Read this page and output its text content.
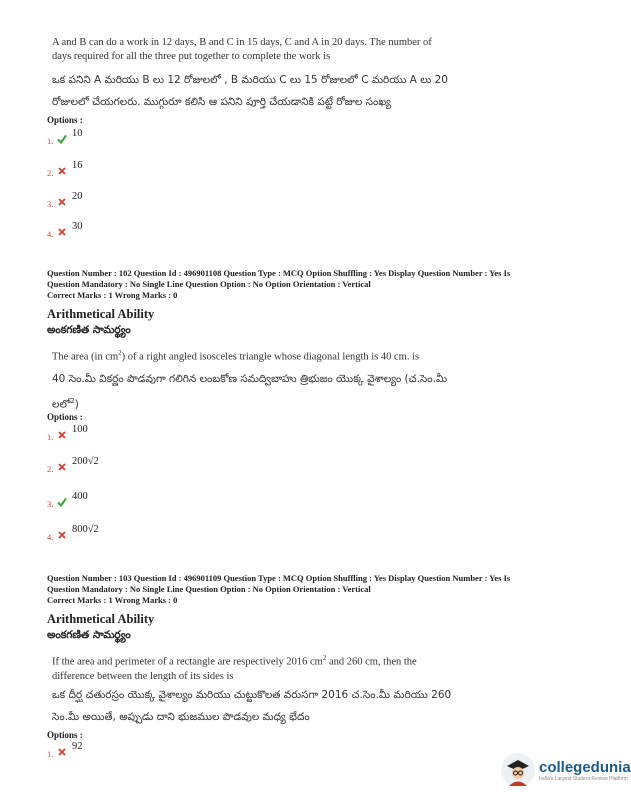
A and B can do a work in 12 days, B and C in 15 days, C and A in 20 days. The number of
days required for all the three put together to complete the work is
ఒక పనిని A మరియు B లు 12 రోజులలో , B మరియు C లు 15 రోజులలో C మరియు A లు 20
రోజులలో చేయగలరు. ముగ్గురూ కలిసి ఆ పనిని పూర్తి చేయడానికి పట్టే రోజుల సంఖ్య
Options :
1.
10
2.
16
3.
20
4.
30
Question Number : 102 Question Id : 496901108 Question Type : MCQ Option Shuffling : Yes Display Question Number : Yes Is
Question Mandatory : No Single Line Question Option : No Option Orientation : Vertical
Correct Marks : 1 Wrong Marks : 0
Arithmetical Ability
అంకగణిత సామర్థ్యం
The area (in $cm^2$) of a right angled isosceles triangle whose diagonal length is 40 cm. is
40 సెం.మీ వికర్ణం పొడవుగా గలిగిన లంబకోణ సమద్విబాహు త్రిభుజం యొక్క వైశాల్యం (చ.సెం.మీ
లలో$^2$)
Options :
1.
100
2.
200√2
3.
400
4.
800√2
Question Number : 103 Question Id : 496901109 Question Type : MCQ Option Shuffling : Yes Display Question Number : Yes Is
Question Mandatory : No Single Line Question Option : No Option Orientation : Vertical
Correct Marks : 1 Wrong Marks : 0
Arithmetical Ability
అంకగణిత సామర్థ్యం
If the area and perimeter of a rectangle are respectively 2016 $cm^2$ and 260 cm, then the
difference between the length of its sides is
ఒక దీర్ఘ చతురస్రం యొక్క వైశాల్యం మరియు చుట్టుకొలత వరుసగా 2016 చ.సెం.మీ మరియు 260
సెం.మీ అయితే, అప్పుడు దాని భుజముల పొడవుల మధ్య భేదం
Options :
1.
92
collegedunia
India's Largest Student Review Platform
